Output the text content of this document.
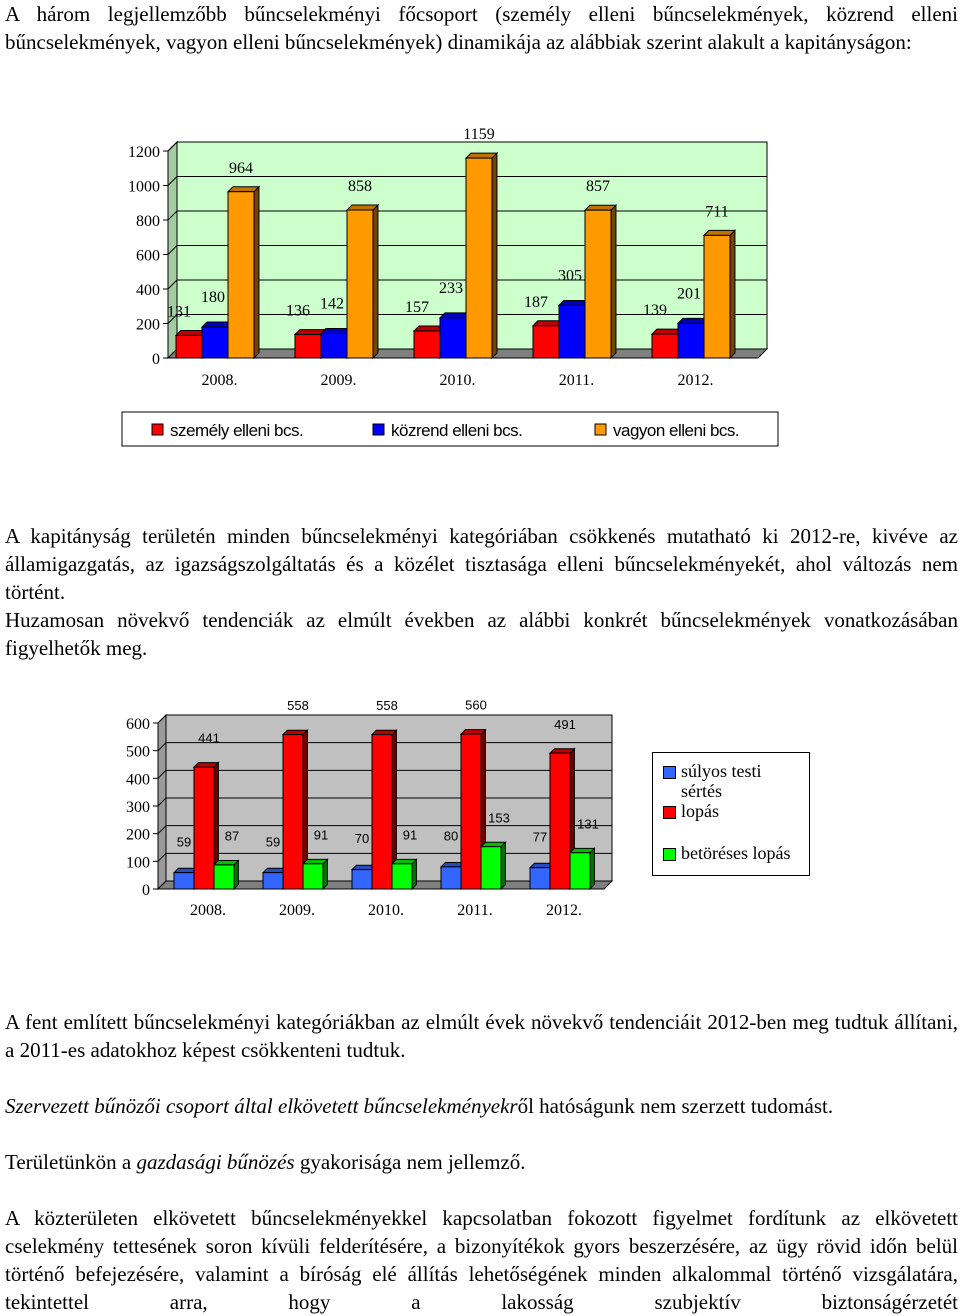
A három legjellemzőbb bűncselekményi főcsoport (személy elleni bűncselekmények, közrend elleni bűncselekmények, vagyon elleni bűncselekmények) dinamikája az alábbiak szerint alakult a kapitányságon:

0
200
400
600
800
1000
1200
131
180
964
2008.
136 142
858
2009.
157
233
1159
2010.
187
305
857
2011.
139
201
711
2012.
személy elleni bcs.	közrend elleni bcs.	vagyon elleni bcs.

A kapitányság területén minden bűncselekményi kategóriában csökkenés mutatható ki 2012-re, kivéve az államigazgatás, az igazságszolgáltatás és a közélet tisztasága elleni bűncselekményekét, ahol változás nem történt.

Huzamosan növekvő tendenciák az elmúlt években az alábbi konkrét bűncselekmények vonatkozásában figyelhetők meg.

0
100
200
300
400
500
600
59
441
87
2008.
59
558
91
2009.
70
558
91
2010.
80
560
153
2011.
77
491
131
2012.
súlyos testi sértés
lopás
betöréses lopás

A fent említett bűncselekményi kategóriákban az elmúlt évek növekvő tendenciáit 2012-ben meg tudtuk állítani, a 2011-es adatokhoz képest csökkenteni tudtuk.

Szervezett bűnözői csoport által elkövetett bűncselekményekről hatóságunk nem szerzett tudomást.

Területünkön a gazdasági bűnözés gyakorisága nem jellemző.

A közterületen elkövetett bűncselekményekkel kapcsolatban fokozott figyelmet fordítunk az elkövetett cselekmény tettesének soron kívüli felderítésére, a bizonyítékok gyors beszerzésére, az ügy rövid időn belül történő befejezésére, valamint a bíróság elé állítás lehetőségének minden alkalommal történő vizsgálatára, tekintettel arra, hogy a lakosság szubjektív biztonságérzetét
